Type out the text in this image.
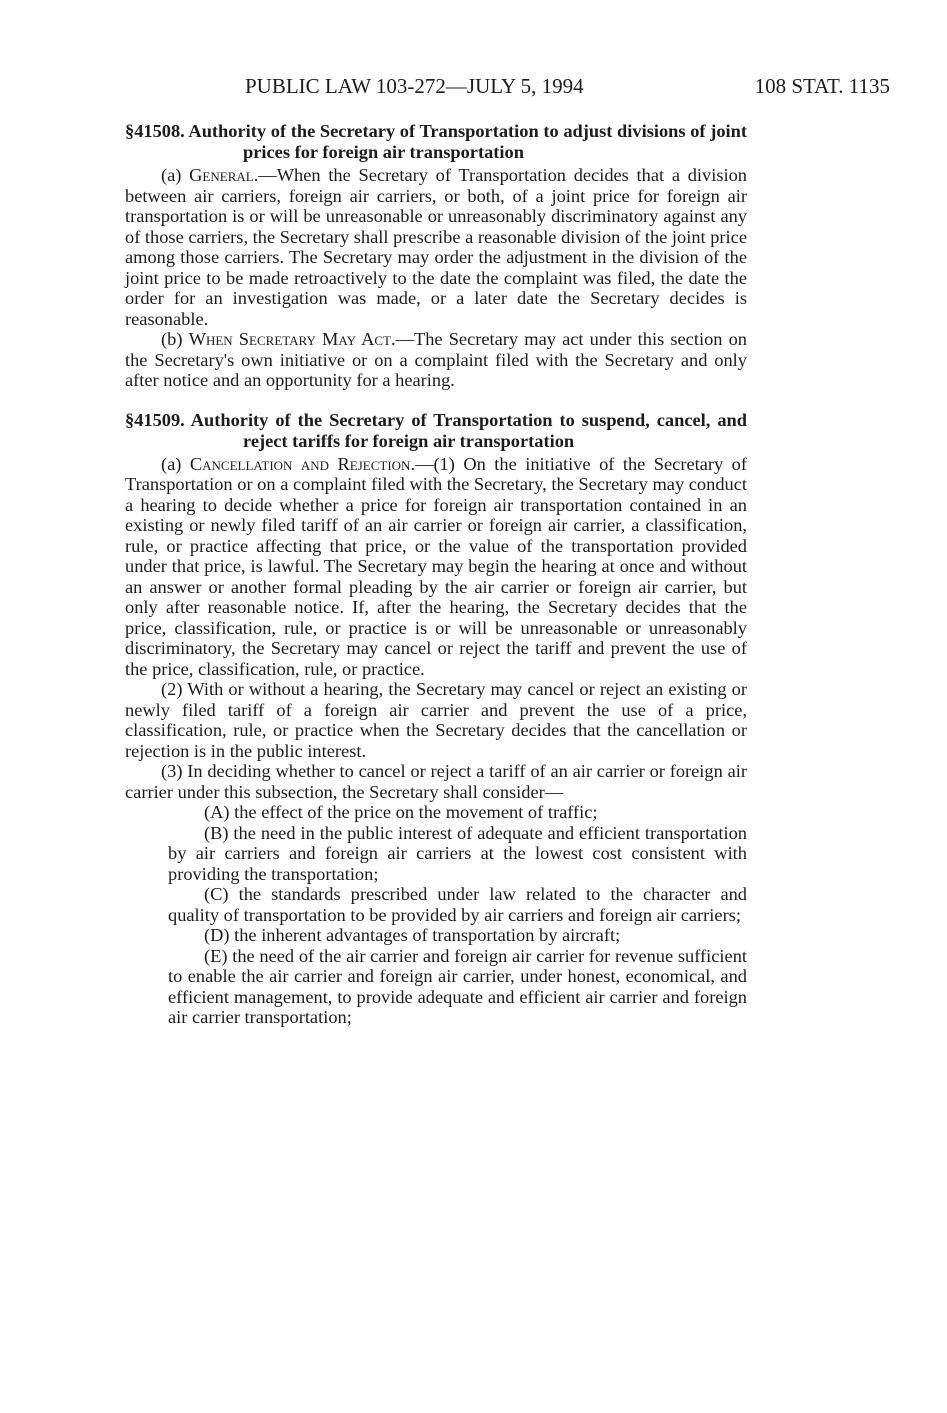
PUBLIC LAW 103-272—JULY 5, 1994	108 STAT. 1135

§41508. Authority of the Secretary of Transportation to adjust divisions of joint prices for foreign air transportation

(a) General.—When the Secretary of Transportation decides that a division between air carriers, foreign air carriers, or both, of a joint price for foreign air transportation is or will be unreasonable or unreasonably discriminatory against any of those carriers, the Secretary shall prescribe a reasonable division of the joint price among those carriers. The Secretary may order the adjustment in the division of the joint price to be made retroactively to the date the complaint was filed, the date the order for an investigation was made, or a later date the Secretary decides is reasonable.

(b) When Secretary May Act.—The Secretary may act under this section on the Secretary's own initiative or on a complaint filed with the Secretary and only after notice and an opportunity for a hearing.

§41509. Authority of the Secretary of Transportation to suspend, cancel, and reject tariffs for foreign air transportation

(a) Cancellation and Rejection.—(1) On the initiative of the Secretary of Transportation or on a complaint filed with the Secretary, the Secretary may conduct a hearing to decide whether a price for foreign air transportation contained in an existing or newly filed tariff of an air carrier or foreign air carrier, a classification, rule, or practice affecting that price, or the value of the transportation provided under that price, is lawful. The Secretary may begin the hearing at once and without an answer or another formal pleading by the air carrier or foreign air carrier, but only after reasonable notice. If, after the hearing, the Secretary decides that the price, classification, rule, or practice is or will be unreasonable or unreasonably discriminatory, the Secretary may cancel or reject the tariff and prevent the use of the price, classification, rule, or practice.

(2) With or without a hearing, the Secretary may cancel or reject an existing or newly filed tariff of a foreign air carrier and prevent the use of a price, classification, rule, or practice when the Secretary decides that the cancellation or rejection is in the public interest.

(3) In deciding whether to cancel or reject a tariff of an air carrier or foreign air carrier under this subsection, the Secretary shall consider—

(A) the effect of the price on the movement of traffic;

(B) the need in the public interest of adequate and efficient transportation by air carriers and foreign air carriers at the lowest cost consistent with providing the transportation;

(C) the standards prescribed under law related to the character and quality of transportation to be provided by air carriers and foreign air carriers;

(D) the inherent advantages of transportation by aircraft;

(E) the need of the air carrier and foreign air carrier for revenue sufficient to enable the air carrier and foreign air carrier, under honest, economical, and efficient management, to provide adequate and efficient air carrier and foreign air carrier transportation;
